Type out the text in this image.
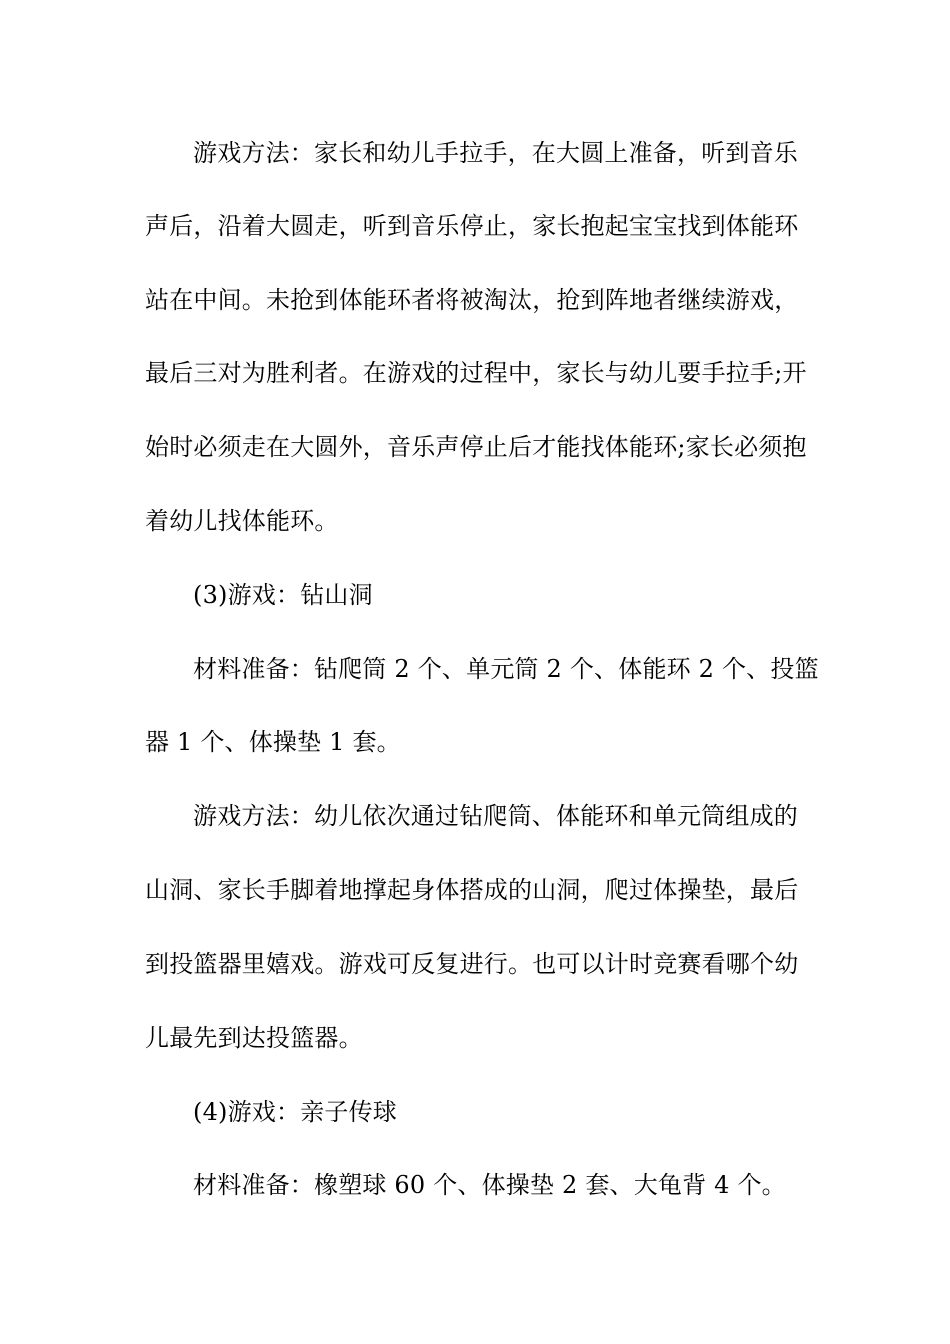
游戏方法：家长和幼儿手拉手，在大圆上准备，听到音乐
声后，沿着大圆走，听到音乐停止，家长抱起宝宝找到体能环
站在中间。未抢到体能环者将被淘汰，抢到阵地者继续游戏，
最后三对为胜利者。在游戏的过程中，家长与幼儿要手拉手;开
始时必须走在大圆外，音乐声停止后才能找体能环;家长必须抱
着幼儿找体能环。
(3)游戏：钻山洞
材料准备：钻爬筒 2 个、单元筒 2 个、体能环 2 个、投篮
器 1 个、体操垫 1 套。
游戏方法：幼儿依次通过钻爬筒、体能环和单元筒组成的
山洞、家长手脚着地撑起身体搭成的山洞，爬过体操垫，最后
到投篮器里嬉戏。游戏可反复进行。也可以计时竞赛看哪个幼
儿最先到达投篮器。
(4)游戏：亲子传球
材料准备：橡塑球 60 个、体操垫 2 套、大龟背 4 个。
